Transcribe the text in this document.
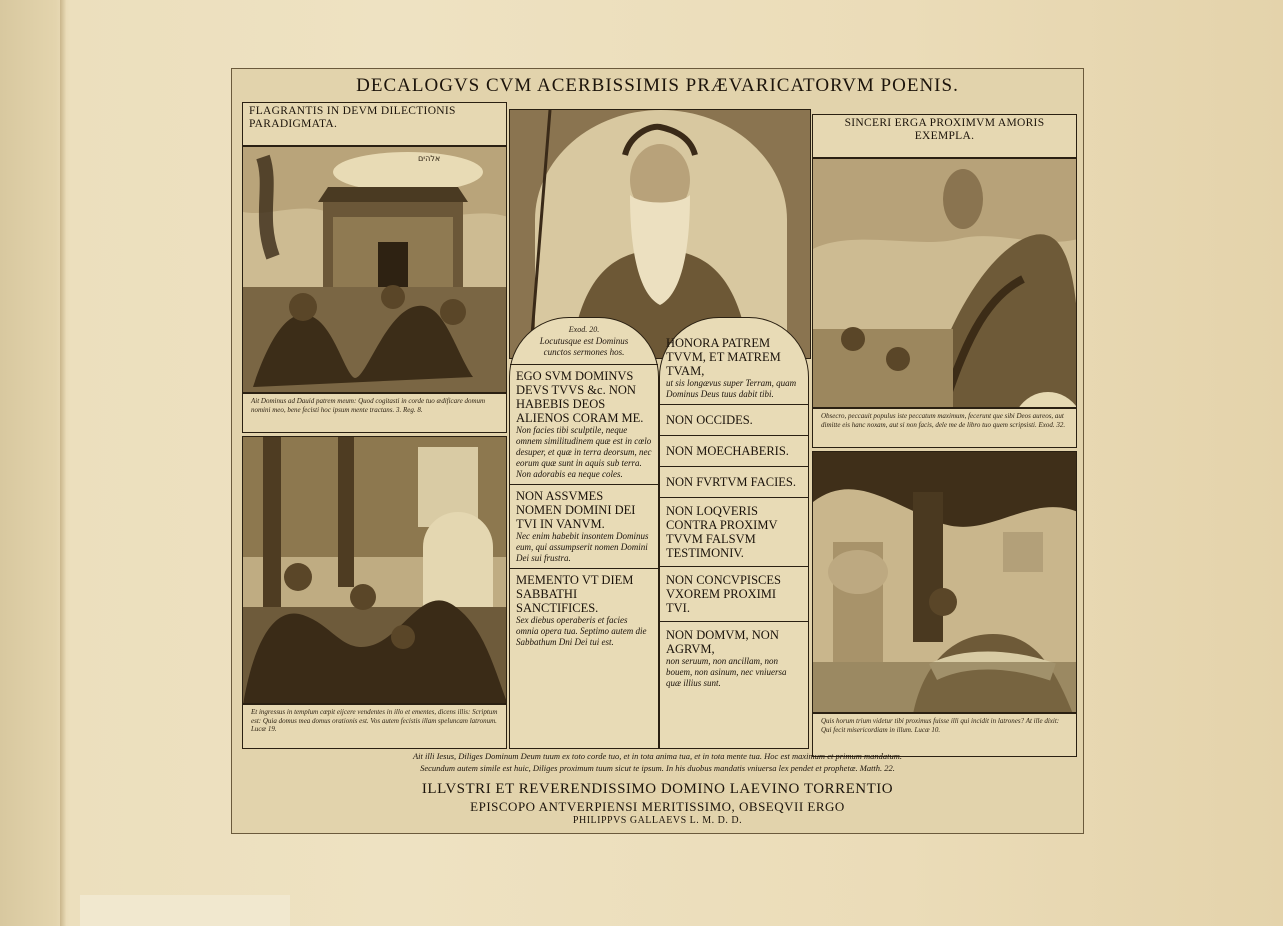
DECALOGVS CVM ACERBISSIMIS PRÆVARICATORVM POENIS.
FLAGRANTIS IN DEVM DILECTIONIS PARADIGMATA.
אלהים
Ait Dominus ad Dauid patrem meum: Quod cogitasti in corde tuo ædificare domum nomini meo, bene fecisti hoc ipsum mente tractans. 3. Reg. 8.
Et ingressus in templum cœpit eijcere vendentes in illo et ementes, dicens illis: Scriptum est: Quia domus mea domus orationis est. Vos autem fecistis illam speluncam latronum. Lucæ 19.
Exod. 20.
Locutusque est Dominus cunctos sermones hos.
EGO SVM DOMINVS DEVS TVVS &c. NON HABEBIS DEOS ALIENOS CORAM ME.
Non facies tibi sculptile, neque omnem similitudinem quæ est in cœlo desuper, et quæ in terra deorsum, nec eorum quæ sunt in aquis sub terra. Non adorabis ea neque coles.
NON ASSVMES NOMEN DOMINI DEI TVI IN VANVM.
Nec enim habebit insontem Dominus eum, qui assumpserit nomen Domini Dei sui frustra.
MEMENTO VT DIEM SABBATHI SANCTIFICES.
Sex diebus operaberis et facies omnia opera tua. Septimo autem die Sabbathum Dni Dei tui est.
HONORA PATREM TVVM, ET MATREM TVAM,
ut sis longævus super Terram, quam Dominus Deus tuus dabit tibi.
NON OCCIDES.
NON MOECHABERIS.
NON FVRTVM FACIES.
NON LOQVERIS CONTRA PROXIMV TVVM FALSVM TESTIMONIV.
NON CONCVPISCES VXOREM PROXIMI TVI.
NON DOMVM, NON AGRVM,
non seruum, non ancillam, non bouem, non asinum, nec vniuersa quæ illius sunt.
SINCERI ERGA PROXIMVM AMORIS EXEMPLA.
Obsecro, peccauit populus iste peccatum maximum, fecerunt que sibi Deos aureos, aut dimitte eis hanc noxam, aut si non facis, dele me de libro tuo quem scripsisti. Exod. 32.
Quis horum trium videtur tibi proximus fuisse illi qui incidit in latrones? At ille dixit: Qui fecit misericordiam in illum. Lucæ 10.
Ait illi Iesus, Diliges Dominum Deum tuum ex toto corde tuo, et in tota anima tua, et in tota mente tua. Hoc est maximum et primum mandatum.
Secundum autem simile est huic, Diliges proximum tuum sicut te ipsum. In his duobus mandatis vniuersa lex pendet et prophetæ. Matth. 22.
ILLVSTRI ET REVERENDISSIMO DOMINO LAEVINO TORRENTIO
EPISCOPO ANTVERPIENSI MERITISSIMO, OBSEQVII ERGO
PHILIPPVS GALLAEVS L. M. D. D.
